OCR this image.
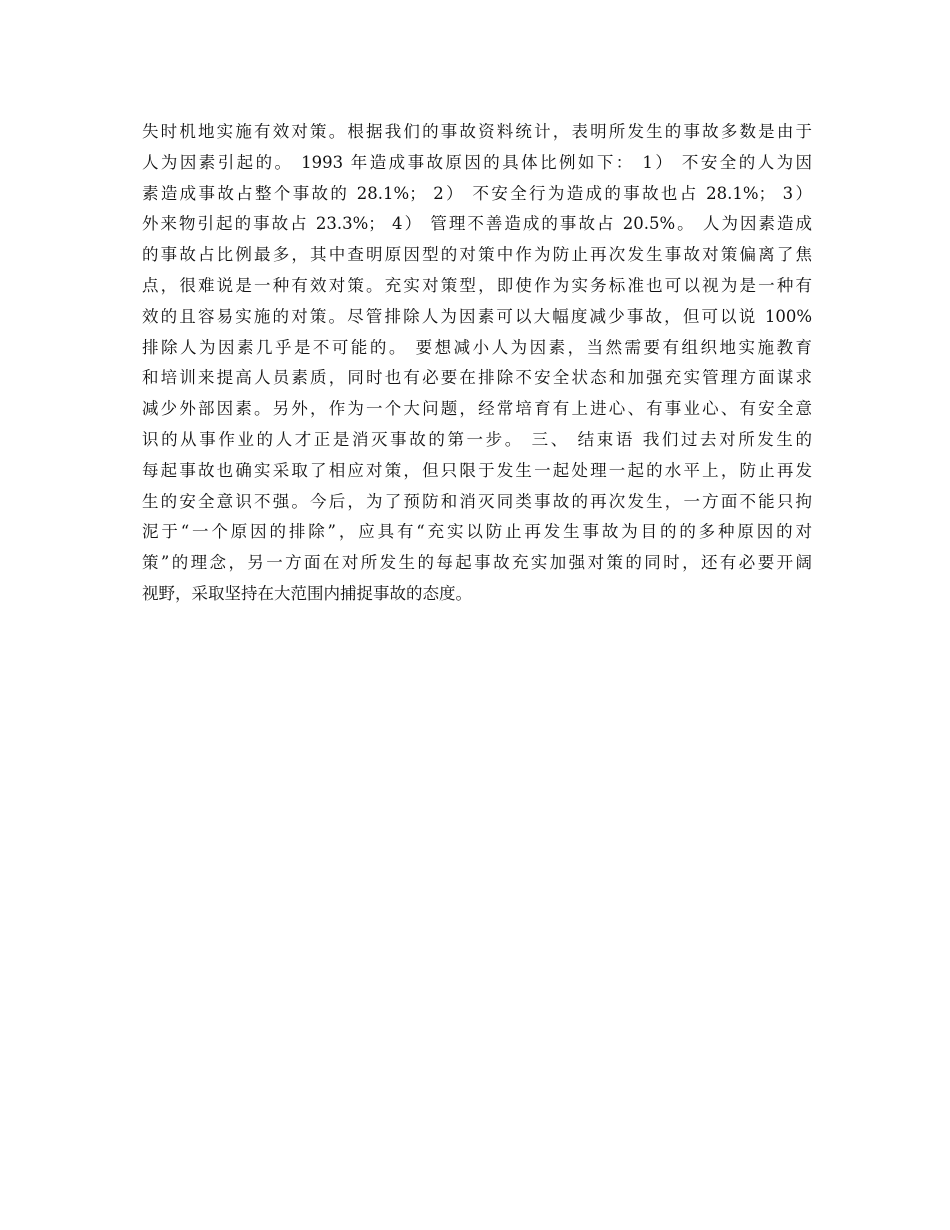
失时机地实施有效对策。根据我们的事故资料统计，表明所发生的事故多数是由于
人为因素引起的。 1993 年造成事故原因的具体比例如下： 1） 不安全的人为因
素造成事故占整个事故的 28.1%； 2） 不安全行为造成的事故也占 28.1%； 3）
外来物引起的事故占 23.3%； 4） 管理不善造成的事故占 20.5%。 人为因素造成
的事故占比例最多，其中查明原因型的对策中作为防止再次发生事故对策偏离了焦
点，很难说是一种有效对策。充实对策型，即使作为实务标准也可以视为是一种有
效的且容易实施的对策。尽管排除人为因素可以大幅度减少事故，但可以说 100%
排除人为因素几乎是不可能的。 要想减小人为因素，当然需要有组织地实施教育
和培训来提高人员素质，同时也有必要在排除不安全状态和加强充实管理方面谋求
减少外部因素。另外，作为一个大问题，经常培育有上进心、有事业心、有安全意
识的从事作业的人才正是消灭事故的第一步。 三、 结束语 我们过去对所发生的
每起事故也确实采取了相应对策，但只限于发生一起处理一起的水平上，防止再发
生的安全意识不强。今后，为了预防和消灭同类事故的再次发生，一方面不能只拘
泥于“一个原因的排除”，应具有“充实以防止再发生事故为目的的多种原因的对
策”的理念，另一方面在对所发生的每起事故充实加强对策的同时，还有必要开阔
视野，采取坚持在大范围内捕捉事故的态度。
